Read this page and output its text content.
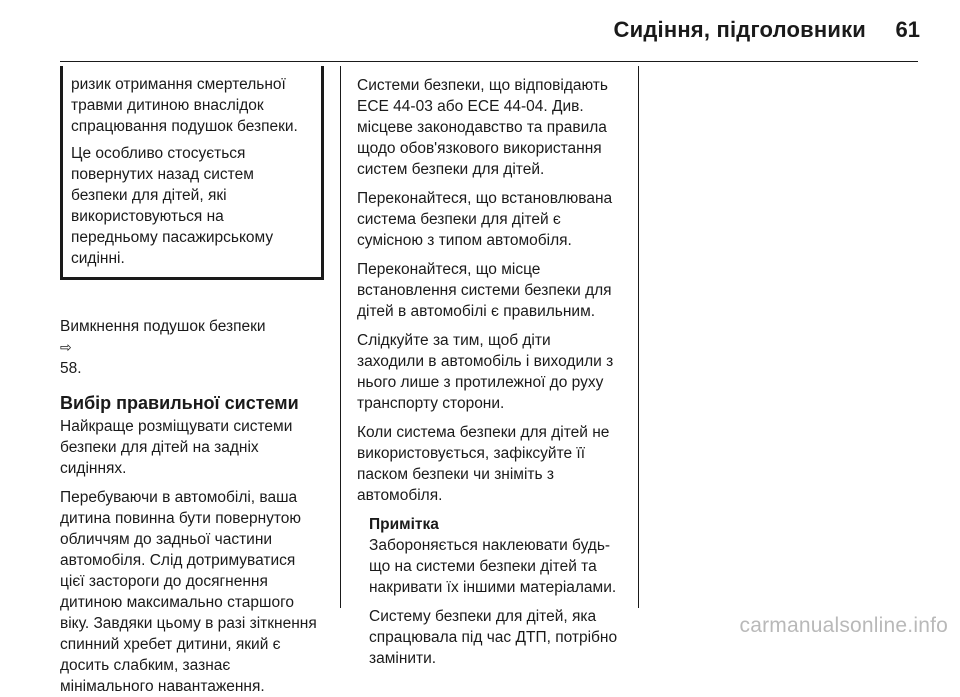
Сидіння, підголовники 61

ризик отримання смертельної
травми дитиною внаслідок
спрацювання подушок безпеки.

Це особливо стосується
повернутих назад систем
безпеки для дітей, які
використовуються на
передньому пасажирському
сидінні.

Вимкнення подушок безпеки
⇨
58.

Вибір правильної системи

Найкраще розміщувати системи
безпеки для дітей на задніх
сидіннях.

Перебуваючи в автомобілі, ваша
дитина повинна бути повернутою
обличчям до задньої частини
автомобіля. Слід дотримуватися
цієї застороги до досягнення
дитиною максимально старшого
віку. Завдяки цьому в разі зіткнення
спинний хребет дитини, який є
досить слабким, зазнає
мінімального навантаження.

Системи безпеки, що відповідають
ECE 44-03 або ECE 44-04. Див.
місцеве законодавство та правила
щодо обов'язкового використання
систем безпеки для дітей.

Переконайтеся, що встановлювана
система безпеки для дітей є
сумісною з типом автомобіля.

Переконайтеся, що місце
встановлення системи безпеки для
дітей в автомобілі є правильним.

Слідкуйте за тим, щоб діти
заходили в автомобіль і виходили з
нього лише з протилежної до руху
транспорту сторони.

Коли система безпеки для дітей не
використовується, зафіксуйте її
паском безпеки чи зніміть з
автомобіля.

Примітка

Забороняється наклеювати будь-
що на системи безпеки дітей та
накривати їх іншими матеріалами.

Систему безпеки для дітей, яка
спрацювала під час ДТП, потрібно
замінити.

carmanualsonline.info
